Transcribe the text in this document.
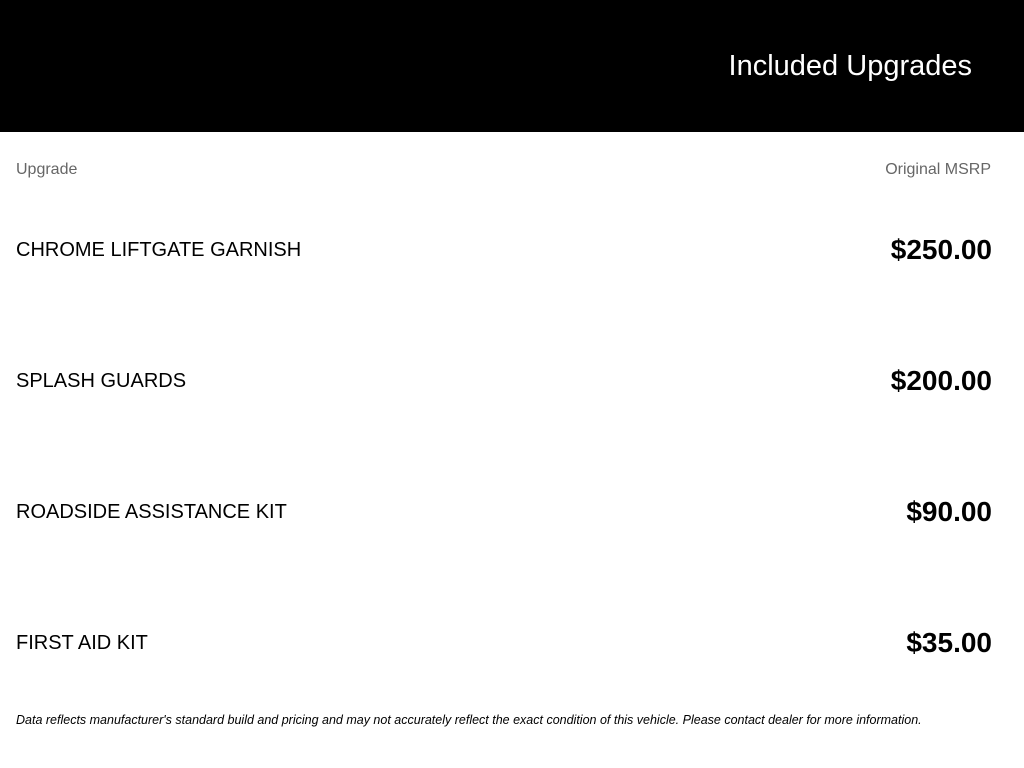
Included Upgrades
Upgrade	Original MSRP
CHROME LIFTGATE GARNISH	$250.00
SPLASH GUARDS	$200.00
ROADSIDE ASSISTANCE KIT	$90.00
FIRST AID KIT	$35.00
Data reflects manufacturer's standard build and pricing and may not accurately reflect the exact condition of this vehicle. Please contact dealer for more information.
